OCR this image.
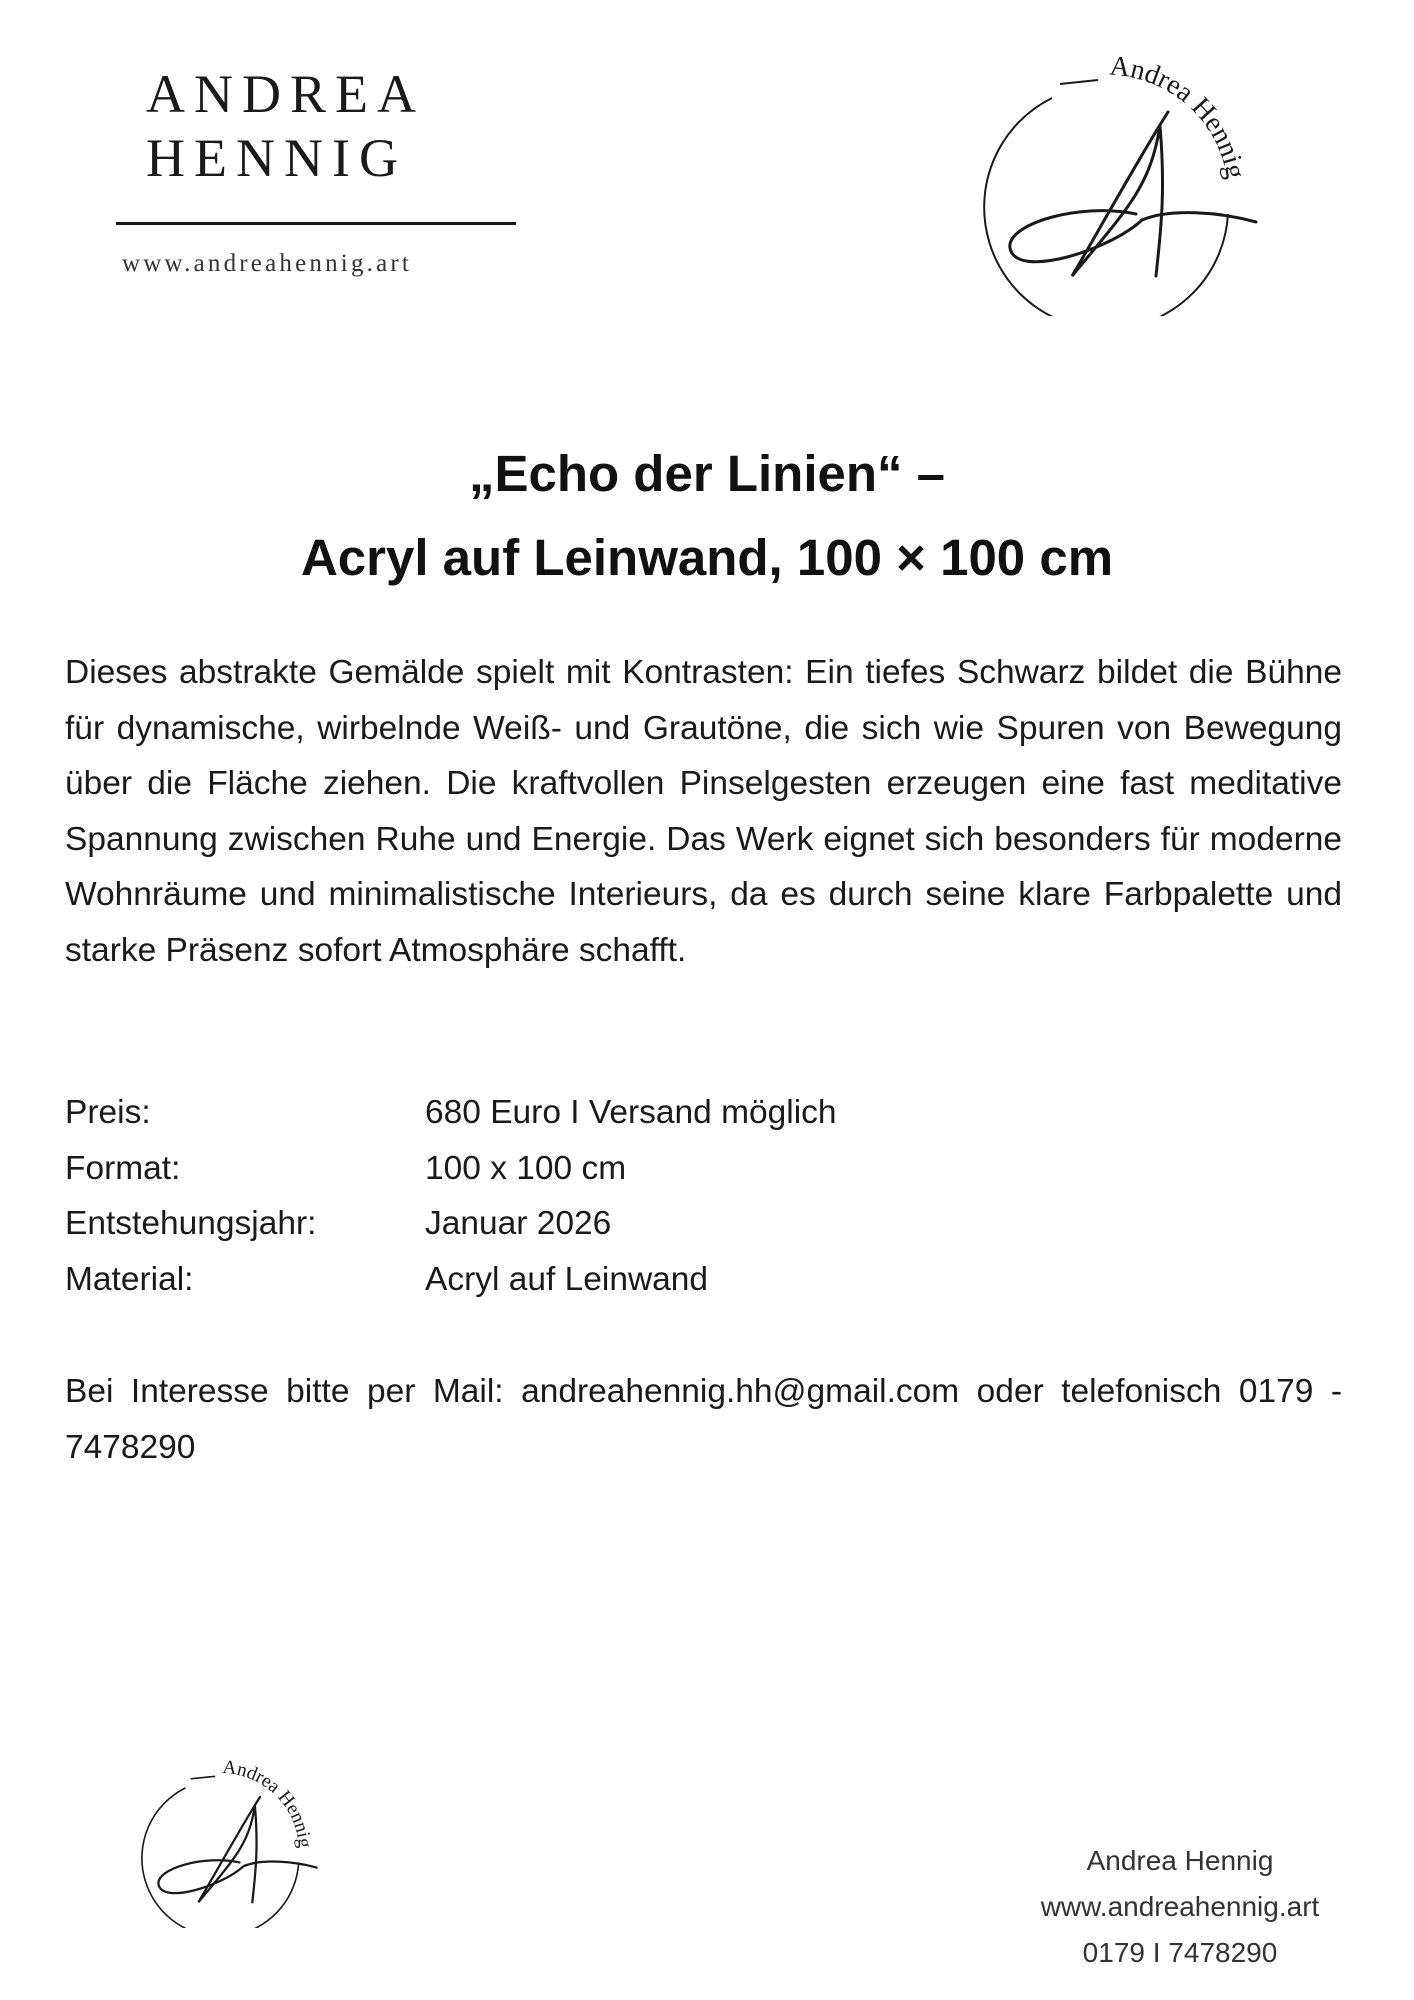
ANDREA
HENNIG
www.andreahennig.art
Andrea Hennig
„Echo der Linien“ –
Acryl auf Leinwand, 100 × 100 cm
Dieses abstrakte Gemälde spielt mit Kontrasten: Ein tiefes Schwarz bildet die Bühne für dynamische, wirbelnde Weiß- und Grautöne, die sich wie Spuren von Bewegung über die Fläche ziehen. Die kraftvollen Pinselgesten erzeugen eine fast meditative Spannung zwischen Ruhe und Energie. Das Werk eignet sich besonders für moderne Wohnräume und minimalistische Interieurs, da es durch seine klare Farbpalette und starke Präsenz sofort Atmosphäre schafft.
Preis:	680 Euro I Versand möglich
Format:	100 x 100 cm
Entstehungsjahr:	Januar 2026
Material:	Acryl auf Leinwand
Bei Interesse bitte per Mail: andreahennig.hh@gmail.com oder telefonisch 0179 - 7478290
Andrea Hennig
Andrea Hennig
www.andreahennig.art
0179 I 7478290
